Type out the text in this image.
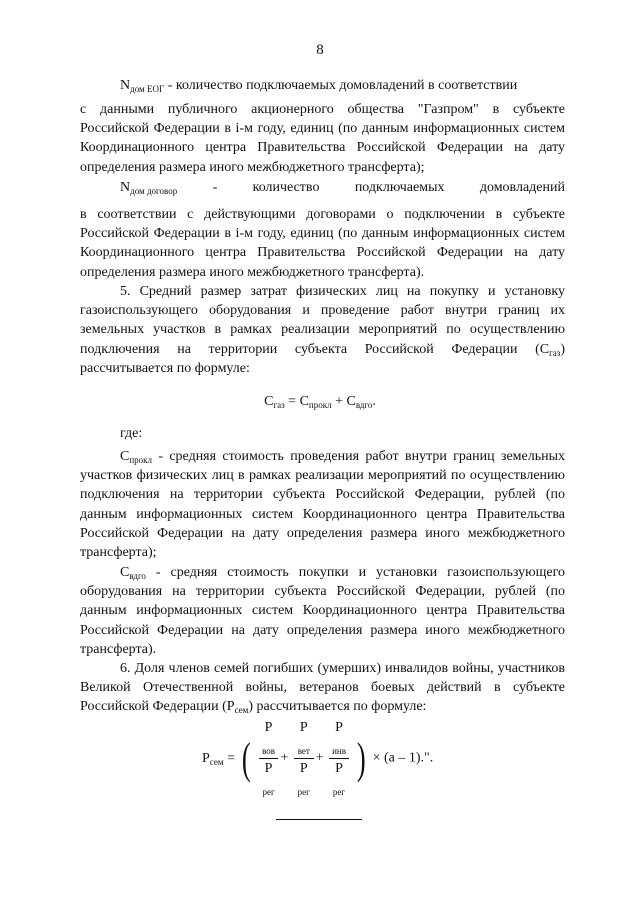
8

$N_{дом ЕОГ}$ - количество подключаемых домовладений в соответствии

с данными публичного акционерного общества "Газпром" в субъекте Российской Федерации в i-м году, единиц (по данным информационных систем Координационного центра Правительства Российской Федерации на дату определения размера иного межбюджетного трансферта);

$N_{дом договор}$	-	количество	подключаемых	домовладений

в соответствии с действующими договорами о подключении в субъекте Российской Федерации в i-м году, единиц (по данным информационных систем Координационного центра Правительства Российской Федерации на дату определения размера иного межбюджетного трансферта).

5. Средний размер затрат физических лиц на покупку и установку газоиспользующего оборудования и проведение работ внутри границ их земельных участков в рамках реализации мероприятий по осуществлению подключения на территории субъекта Российской Федерации $(С_{газ})$ рассчитывается по формуле:

$С_{газ} = С_{прокл} + С_{вдго}$.

где:

$С_{прокл}$ - средняя стоимость проведения работ внутри границ земельных участков физических лиц в рамках реализации мероприятий по осуществлению подключения на территории субъекта Российской Федерации, рублей (по данным информационных систем Координационного центра Правительства Российской Федерации на дату определения размера иного межбюджетного трансферта);

$С_{вдго}$ - средняя стоимость покупки и установки газоиспользующего оборудования на территории субъекта Российской Федерации, рублей (по данным информационных систем Координационного центра Правительства Российской Федерации на дату определения размера иного межбюджетного трансферта).

6. Доля членов семей погибших (умерших) инвалидов войны, участников Великой Отечественной войны, ветеранов боевых действий в субъекте Российской Федерации $(Р_{сем})$ рассчитывается по формуле:

$Р_{сем}$ = ( Р
$_{вов}$
Р
$_{рег}$ + Р
$_{вет}$
Р
$_{рег}$ + Р
$_{инв}$
Р
$_{рег}$ ) × (а – 1).".
